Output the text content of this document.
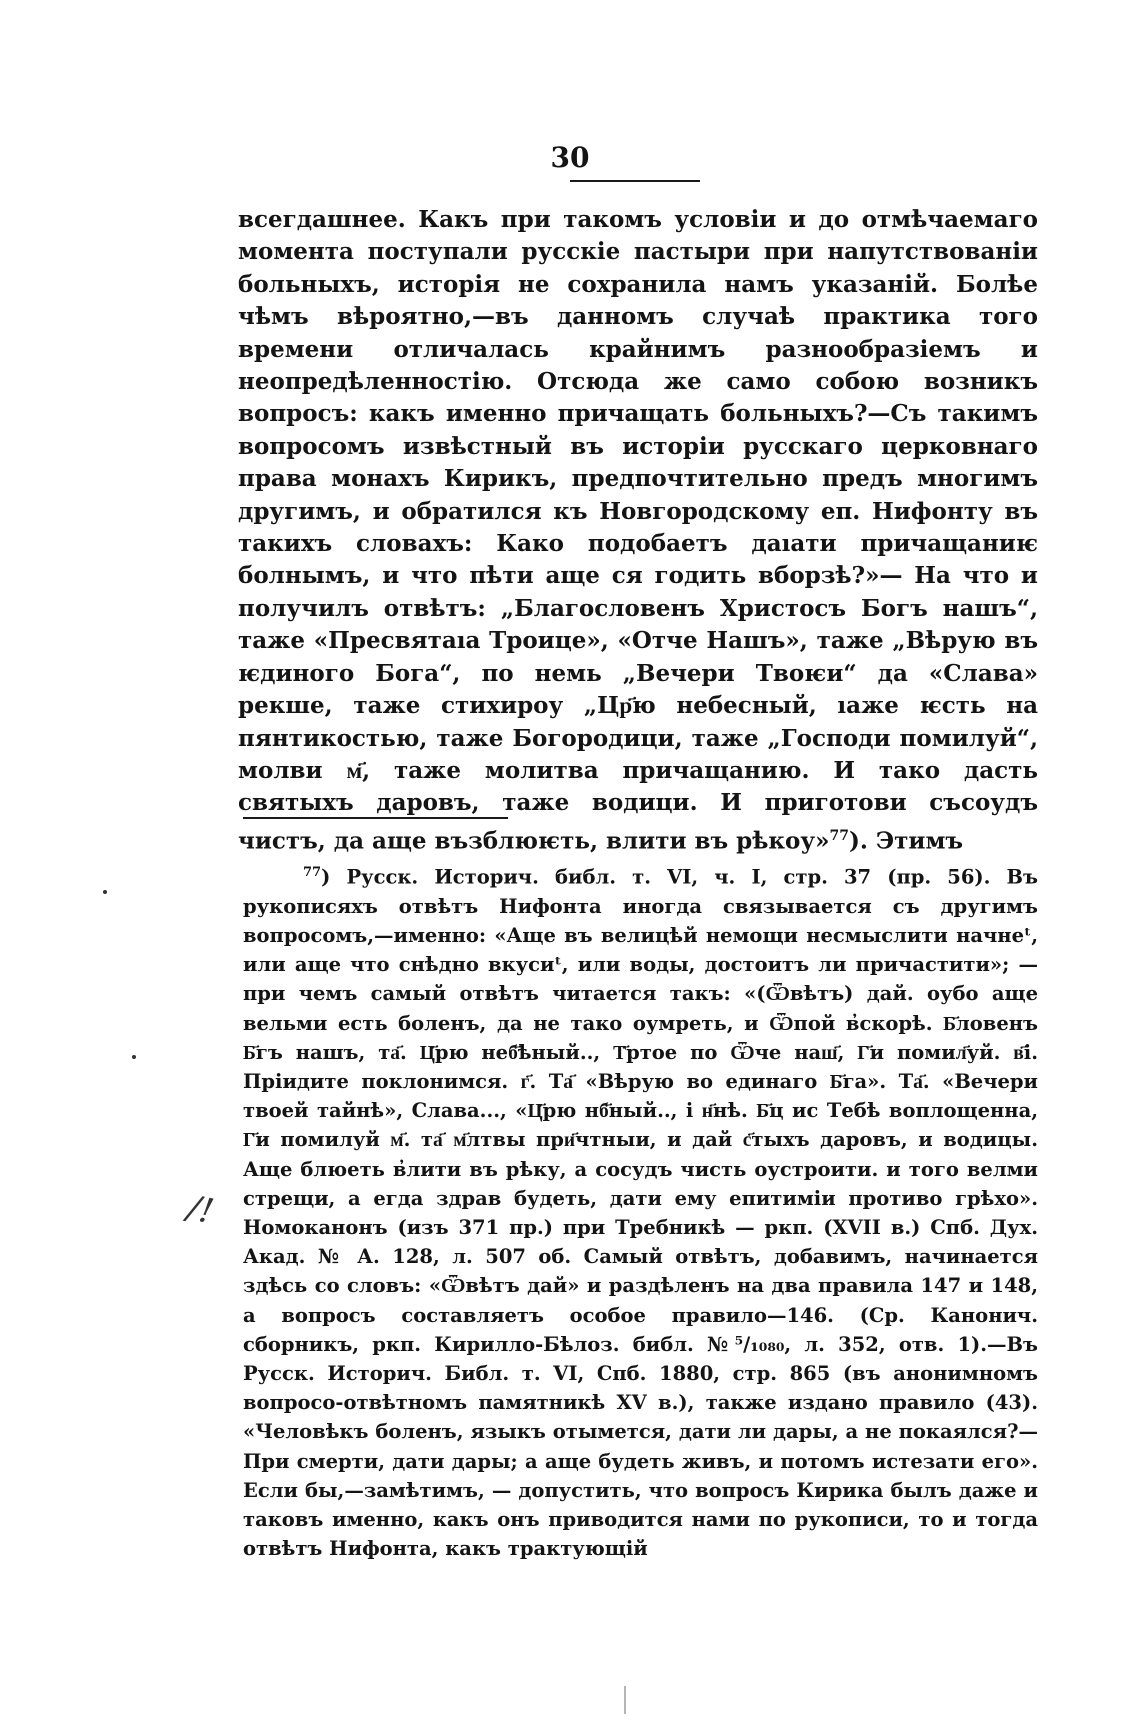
30

всегдашнее. Какъ при такомъ условіи и до отмѣчаемаго момента поступали русскіе пастыри при напутствованіи больныхъ, исторія не сохранила намъ указаній. Болѣе чѣмъ вѣроятно,—въ данномъ случаѣ практика того времени отличалась крайнимъ разнообразіемъ и неопредѣленностію. Отсюда же само собою возникъ вопросъ: какъ именно причащать больныхъ?—Съ такимъ вопросомъ извѣстный въ исторіи русскаго церковнаго права монахъ Кирикъ, предпочтительно предъ многимъ другимъ, и обратился къ Новгородскому еп. Нифонту въ такихъ словахъ: Како подобаетъ даıати причащаниѥ болнымъ, и что пѣти аще ся годить вборзѣ?»— На что и получилъ отвѣтъ: „Благословенъ Христосъ Богъ нашъ“, таже «Пресвятаıа Троице», «Отче Нашъ», таже „Вѣрую въ ѥдиного Бога“, по немь „Вечери Твоѥи“ да «Слава» рекше, таже стихироу „Цр҃ю небесный, ıаже ѥсть на пянтикостью, таже Богородици, таже „Господи помилуй“, молви м҃, таже молитва причащанию. И тако дасть святыхъ даровъ, таже водици. И приготови съсоудъ чистъ, да аще възблюѥть, влити въ рѣкоу»$^{77}$). Этимъ

$^{77}$) Русск. Историч. библ. т. VI, ч. I, стр. 37 (пр. 56). Въ рукописяхъ отвѣтъ Нифонта иногда связывается съ другимъ вопросомъ,—именно: «Аще въ велицѣй немощи несмыслити начнеᵗ, или аще что снѣдно вкусиᵗ, или воды, достоитъ ли причастити»; — при чемъ самый отвѣтъ читается такъ: «(Ѿвѣтъ) дай. оубо аще вельми есть боленъ, да не тако оумреть, и Ѿпой в̓скорѣ. Б҃ловенъ Б҃гъ нашъ, та҃. Ц҃рю неб҃ѣный.., Т҃ртое по Ѿче наш҃, Г҃и помил҃уй. в҃і. Прiидите поклонимся. г҃. Та҃ «Вѣрую во единаго Б҃га». Та҃. «Вечери твоей тайнѣ», Слава..., «Ц҃рю нб҃ный.., і н҃нѣ. Б҃ц ис Тебѣ воплощенна, Г҃и помилуй м҃. та҃ м҃лтвы при҃чтныи, и дай с҃тыхъ даровъ, и водицы. Аще блюеть в̓лити въ рѣку, а сосудъ чисть оустроити. и того велми стрещи, а егда здрав будеть, дати ему епитимiи противо грѣхо». Номоканонъ (изъ 371 пр.) при Требникѣ — ркп. (XVII в.) Спб. Дух. Акад. № А. 128, л. 507 об. Самый отвѣтъ, добавимъ, начинается здѣсь со словъ: «Ѿвѣтъ дай» и раздѣленъ на два правила 147 и 148, а вопросъ составляетъ особое правило—146. (Ср. Канонич. сборникъ, ркп. Кирилло-Бѣлоз. библ. №⁵/₁₀₈₀, л. 352, отв. 1).—Въ Русск. Историч. Библ. т. VI, Спб. 1880, стр. 865 (въ анонимномъ вопросо-отвѣтномъ памятникѣ XV в.), также издано правило (43). «Человѣкъ боленъ, языкъ отымется, дати ли дары, а не покаялся?—При смерти, дати дары; а аще будеть живъ, и потомъ истезати его». Если бы,—замѣтимъ, — допустить, что вопросъ Кирика былъ даже и таковъ именно, какъ онъ приводится нами по рукописи, то и тогда отвѣтъ Нифонта, какъ трактующій

/!
